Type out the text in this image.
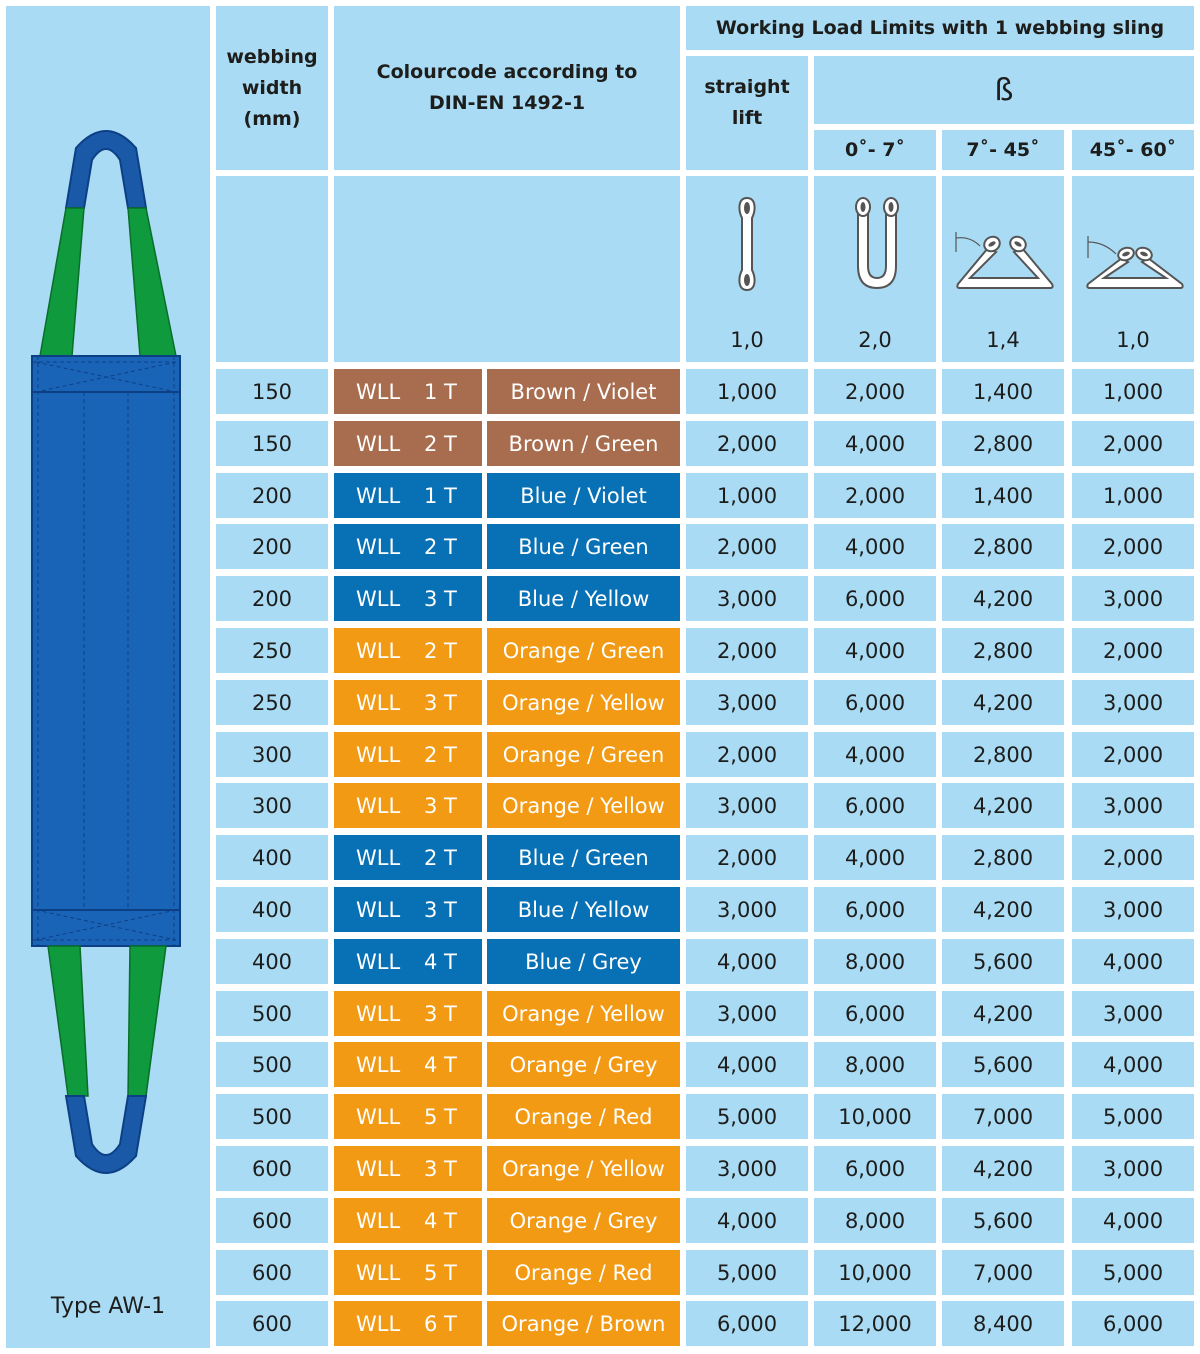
Type AW-1
webbing
width
(mm)
Colourcode according to
DIN-EN 1492-1
Working Load Limits with 1 webbing sling
straight
lift
ß
0˚- 7˚	7˚- 45˚	45˚- 60˚
1,0	2,0	1,4	1,0
150	WLL 1 T	Brown / Violet	1,000	2,000	1,400	1,000
150	WLL 2 T	Brown / Green	2,000	4,000	2,800	2,000
200	WLL 1 T	Blue / Violet	1,000	2,000	1,400	1,000
200	WLL 2 T	Blue / Green	2,000	4,000	2,800	2,000
200	WLL 3 T	Blue / Yellow	3,000	6,000	4,200	3,000
250	WLL 2 T	Orange / Green	2,000	4,000	2,800	2,000
250	WLL 3 T	Orange / Yellow	3,000	6,000	4,200	3,000
300	WLL 2 T	Orange / Green	2,000	4,000	2,800	2,000
300	WLL 3 T	Orange / Yellow	3,000	6,000	4,200	3,000
400	WLL 2 T	Blue / Green	2,000	4,000	2,800	2,000
400	WLL 3 T	Blue / Yellow	3,000	6,000	4,200	3,000
400	WLL 4 T	Blue / Grey	4,000	8,000	5,600	4,000
500	WLL 3 T	Orange / Yellow	3,000	6,000	4,200	3,000
500	WLL 4 T	Orange / Grey	4,000	8,000	5,600	4,000
500	WLL 5 T	Orange / Red	5,000	10,000	7,000	5,000
600	WLL 3 T	Orange / Yellow	3,000	6,000	4,200	3,000
600	WLL 4 T	Orange / Grey	4,000	8,000	5,600	4,000
600	WLL 5 T	Orange / Red	5,000	10,000	7,000	5,000
600	WLL 6 T	Orange / Brown	6,000	12,000	8,400	6,000
